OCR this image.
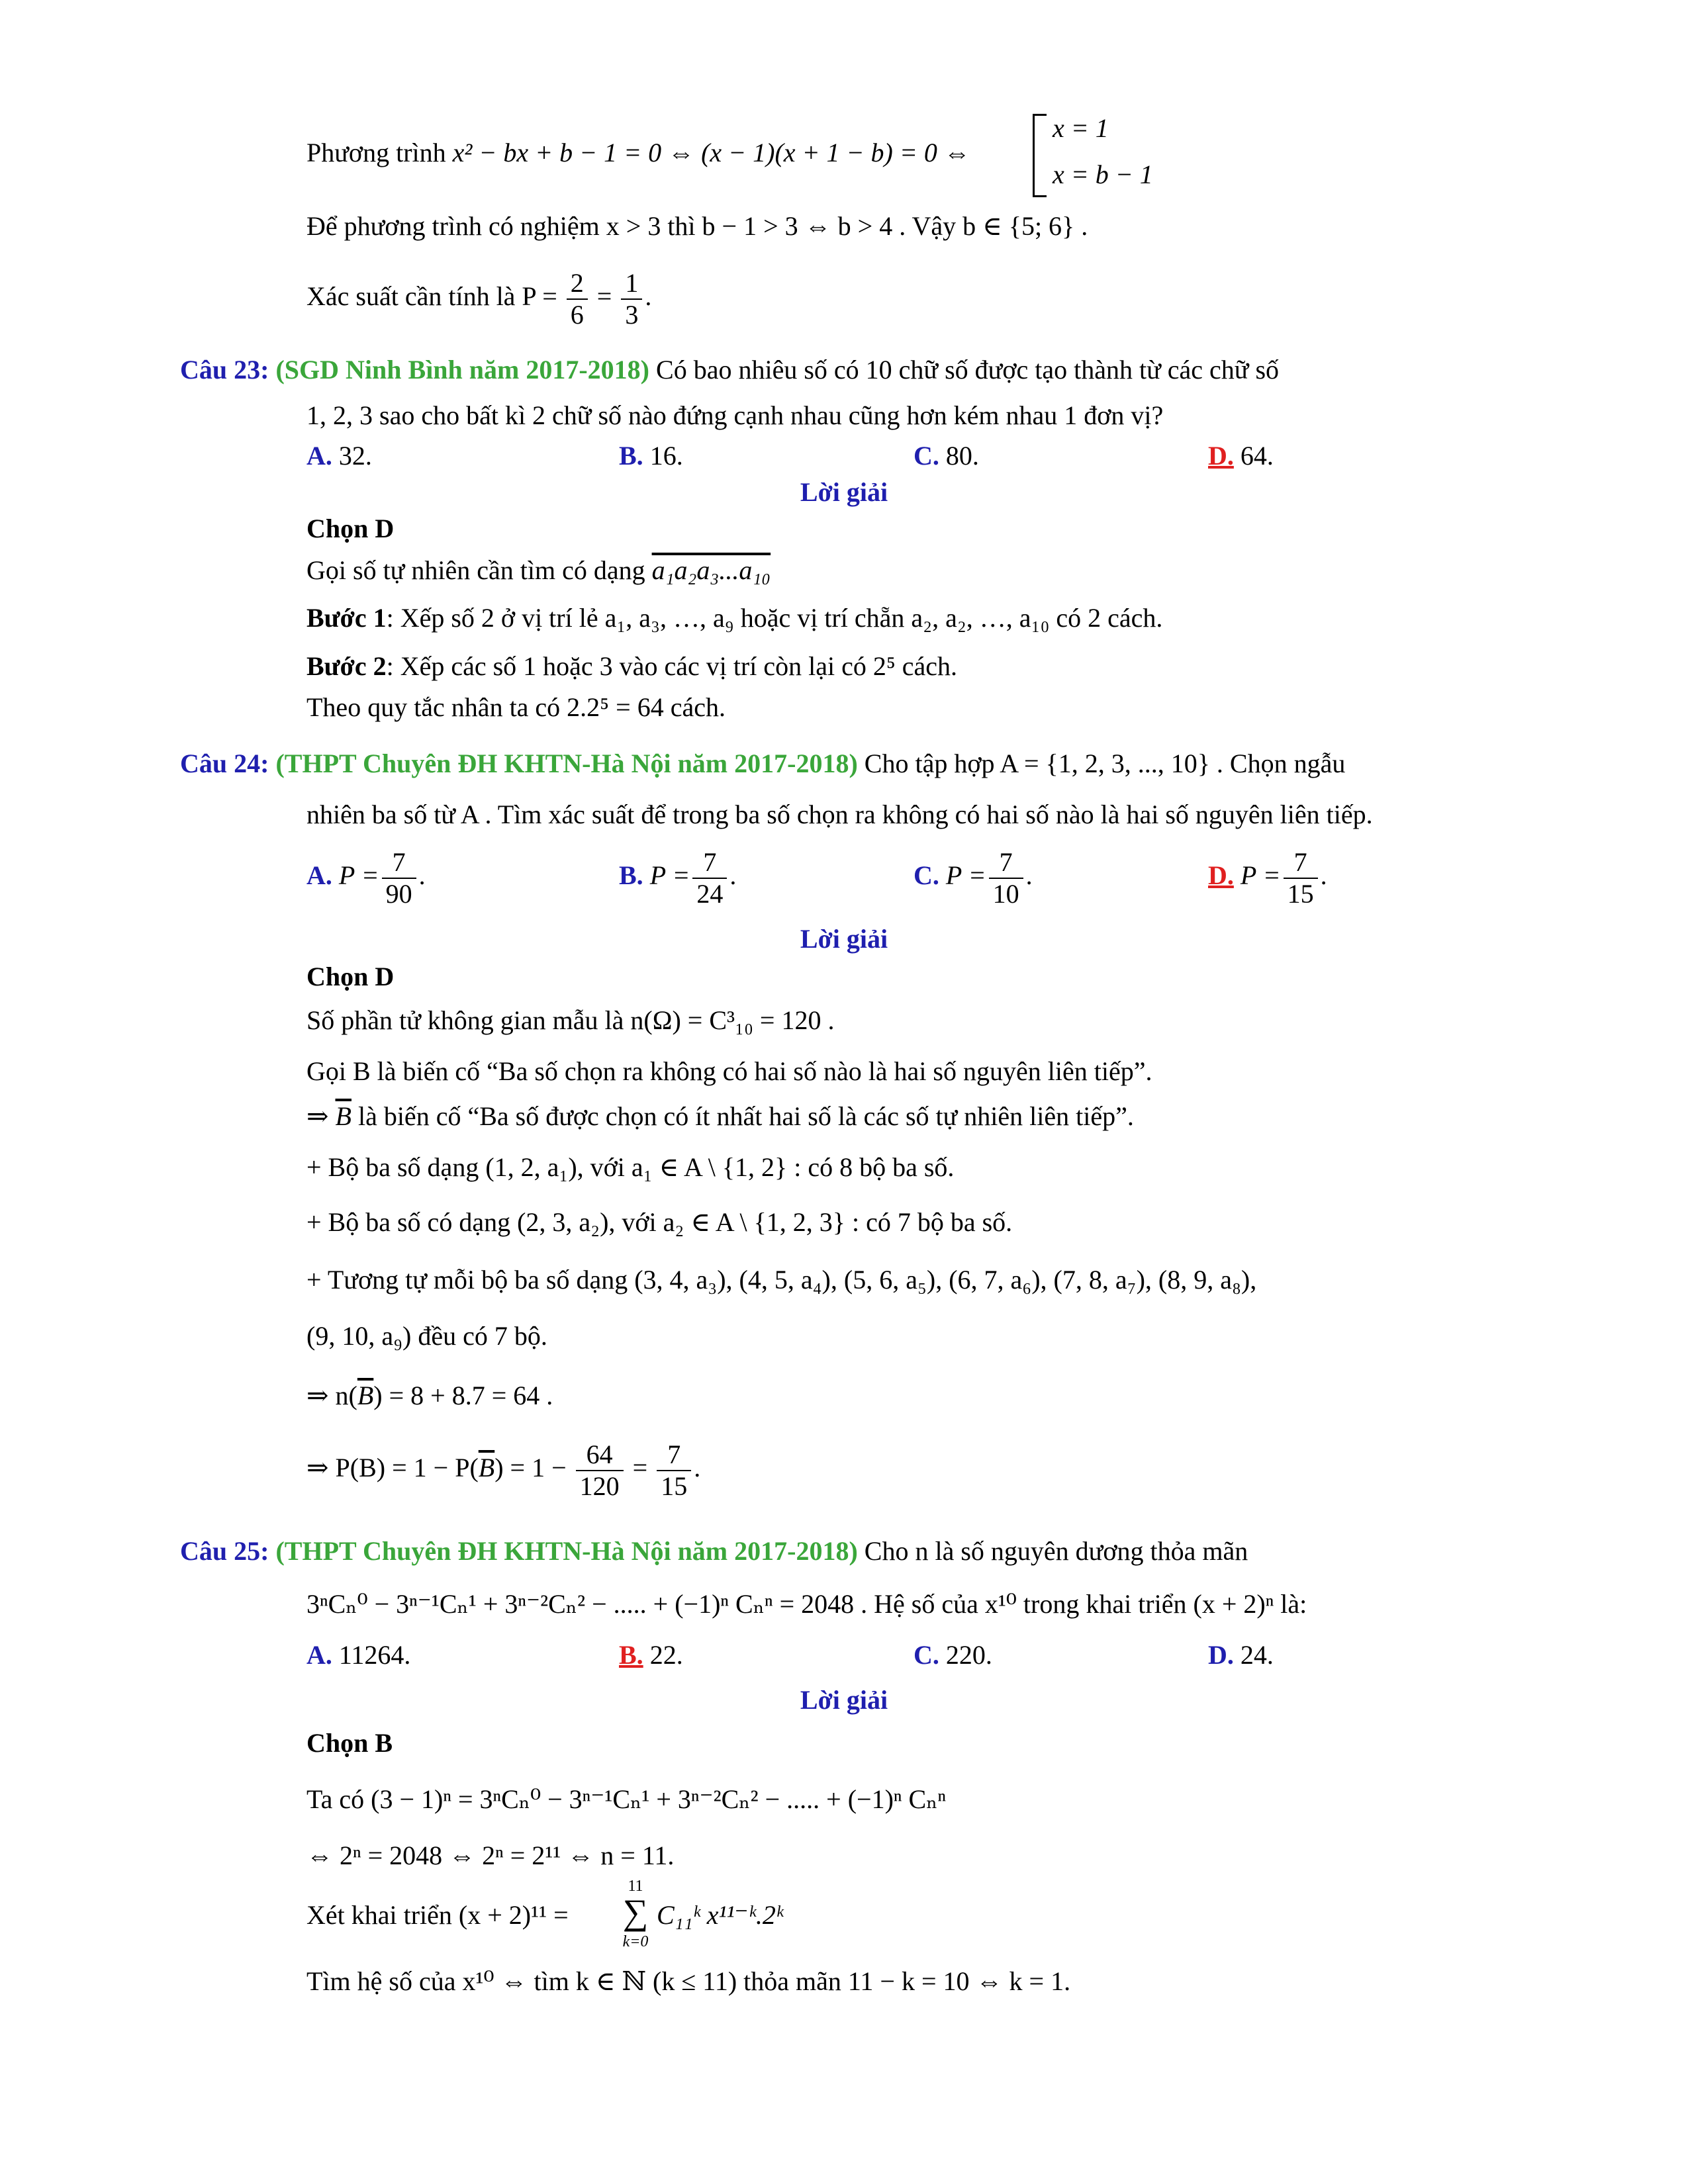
Phương trình x² − bx + b − 1 = 0 ⇔ (x − 1)(x + 1 − b) = 0 ⇔
x = 1
x = b − 1
Để phương trình có nghiệm x > 3 thì b − 1 > 3 ⇔ b > 4 . Vậy b ∈ {5; 6} .
Xác suất cần tính là $P = \frac{2}{6} = \frac{1}{3}$ .
Câu 23: (SGD Ninh Bình năm 2017-2018) Có bao nhiêu số có 10 chữ số được tạo thành từ các chữ số
1, 2, 3 sao cho bất kì 2 chữ số nào đứng cạnh nhau cũng hơn kém nhau 1 đơn vị?
A. 32.	B. 16.	C. 80.	D. 64.
Lời giải
Chọn D
Gọi số tự nhiên cần tìm có dạng a₁a₂a₃...a₁₀
Bước 1: Xếp số 2 ở vị trí lẻ a₁, a₃, …, a₉ hoặc vị trí chẵn a₂, a₂, …, a₁₀ có 2 cách.
Bước 2: Xếp các số 1 hoặc 3 vào các vị trí còn lại có 2⁵ cách.
Theo quy tắc nhân ta có 2.2⁵ = 64 cách.
Câu 24: (THPT Chuyên ĐH KHTN-Hà Nội năm 2017-2018) Cho tập hợp A = {1, 2, 3, ..., 10} . Chọn ngẫu
nhiên ba số từ A . Tìm xác suất để trong ba số chọn ra không có hai số nào là hai số nguyên liên tiếp.
A. $P = \frac{7}{90}$ .	B. $P = \frac{7}{24}$ .	C. $P = \frac{7}{10}$ .	D. $P = \frac{7}{15}$ .
Lời giải
Chọn D
Số phần tử không gian mẫu là n(Ω) = C³₁₀ = 120 .
Gọi B là biến cố “Ba số chọn ra không có hai số nào là hai số nguyên liên tiếp”.
⇒ $\overline{B}$ là biến cố “Ba số được chọn có ít nhất hai số là các số tự nhiên liên tiếp”.
+ Bộ ba số dạng (1, 2, a₁), với a₁ ∈ A \ {1, 2} : có 8 bộ ba số.
+ Bộ ba số có dạng (2, 3, a₂), với a₂ ∈ A \ {1, 2, 3} : có 7 bộ ba số.
+ Tương tự mỗi bộ ba số dạng (3, 4, a₃), (4, 5, a₄), (5, 6, a₅), (6, 7, a₆), (7, 8, a₇), (8, 9, a₈),
(9, 10, a₉) đều có 7 bộ.
⇒ $n(\overline{B}) = 8 + 8.7 = 64$ .
⇒ $P(B) = 1 - P(\overline{B}) = 1 - \frac{64}{120} = \frac{7}{15}$ .
Câu 25: (THPT Chuyên ĐH KHTN-Hà Nội năm 2017-2018) Cho n là số nguyên dương thỏa mãn
3ⁿCₙ⁰ − 3ⁿ⁻¹Cₙ¹ + 3ⁿ⁻²Cₙ² − ..... + (−1)ⁿ Cₙⁿ = 2048 . Hệ số của x¹⁰ trong khai triển (x + 2)ⁿ là:
A. 11264.	B. 22.	C. 220.	D. 24.
Lời giải
Chọn B
Ta có (3 − 1)ⁿ = 3ⁿCₙ⁰ − 3ⁿ⁻¹Cₙ¹ + 3ⁿ⁻²Cₙ² − ..... + (−1)ⁿ Cₙⁿ
⇔ 2ⁿ = 2048 ⇔ 2ⁿ = 2¹¹ ⇔ n = 11.
Xét khai triển (x + 2)¹¹ =
11
∑
k=0
C₁₁ᵏ x¹¹⁻ᵏ.2ᵏ
Tìm hệ số của x¹⁰ ⇔ tìm k ∈ ℕ (k ≤ 11) thỏa mãn 11 − k = 10 ⇔ k = 1.
